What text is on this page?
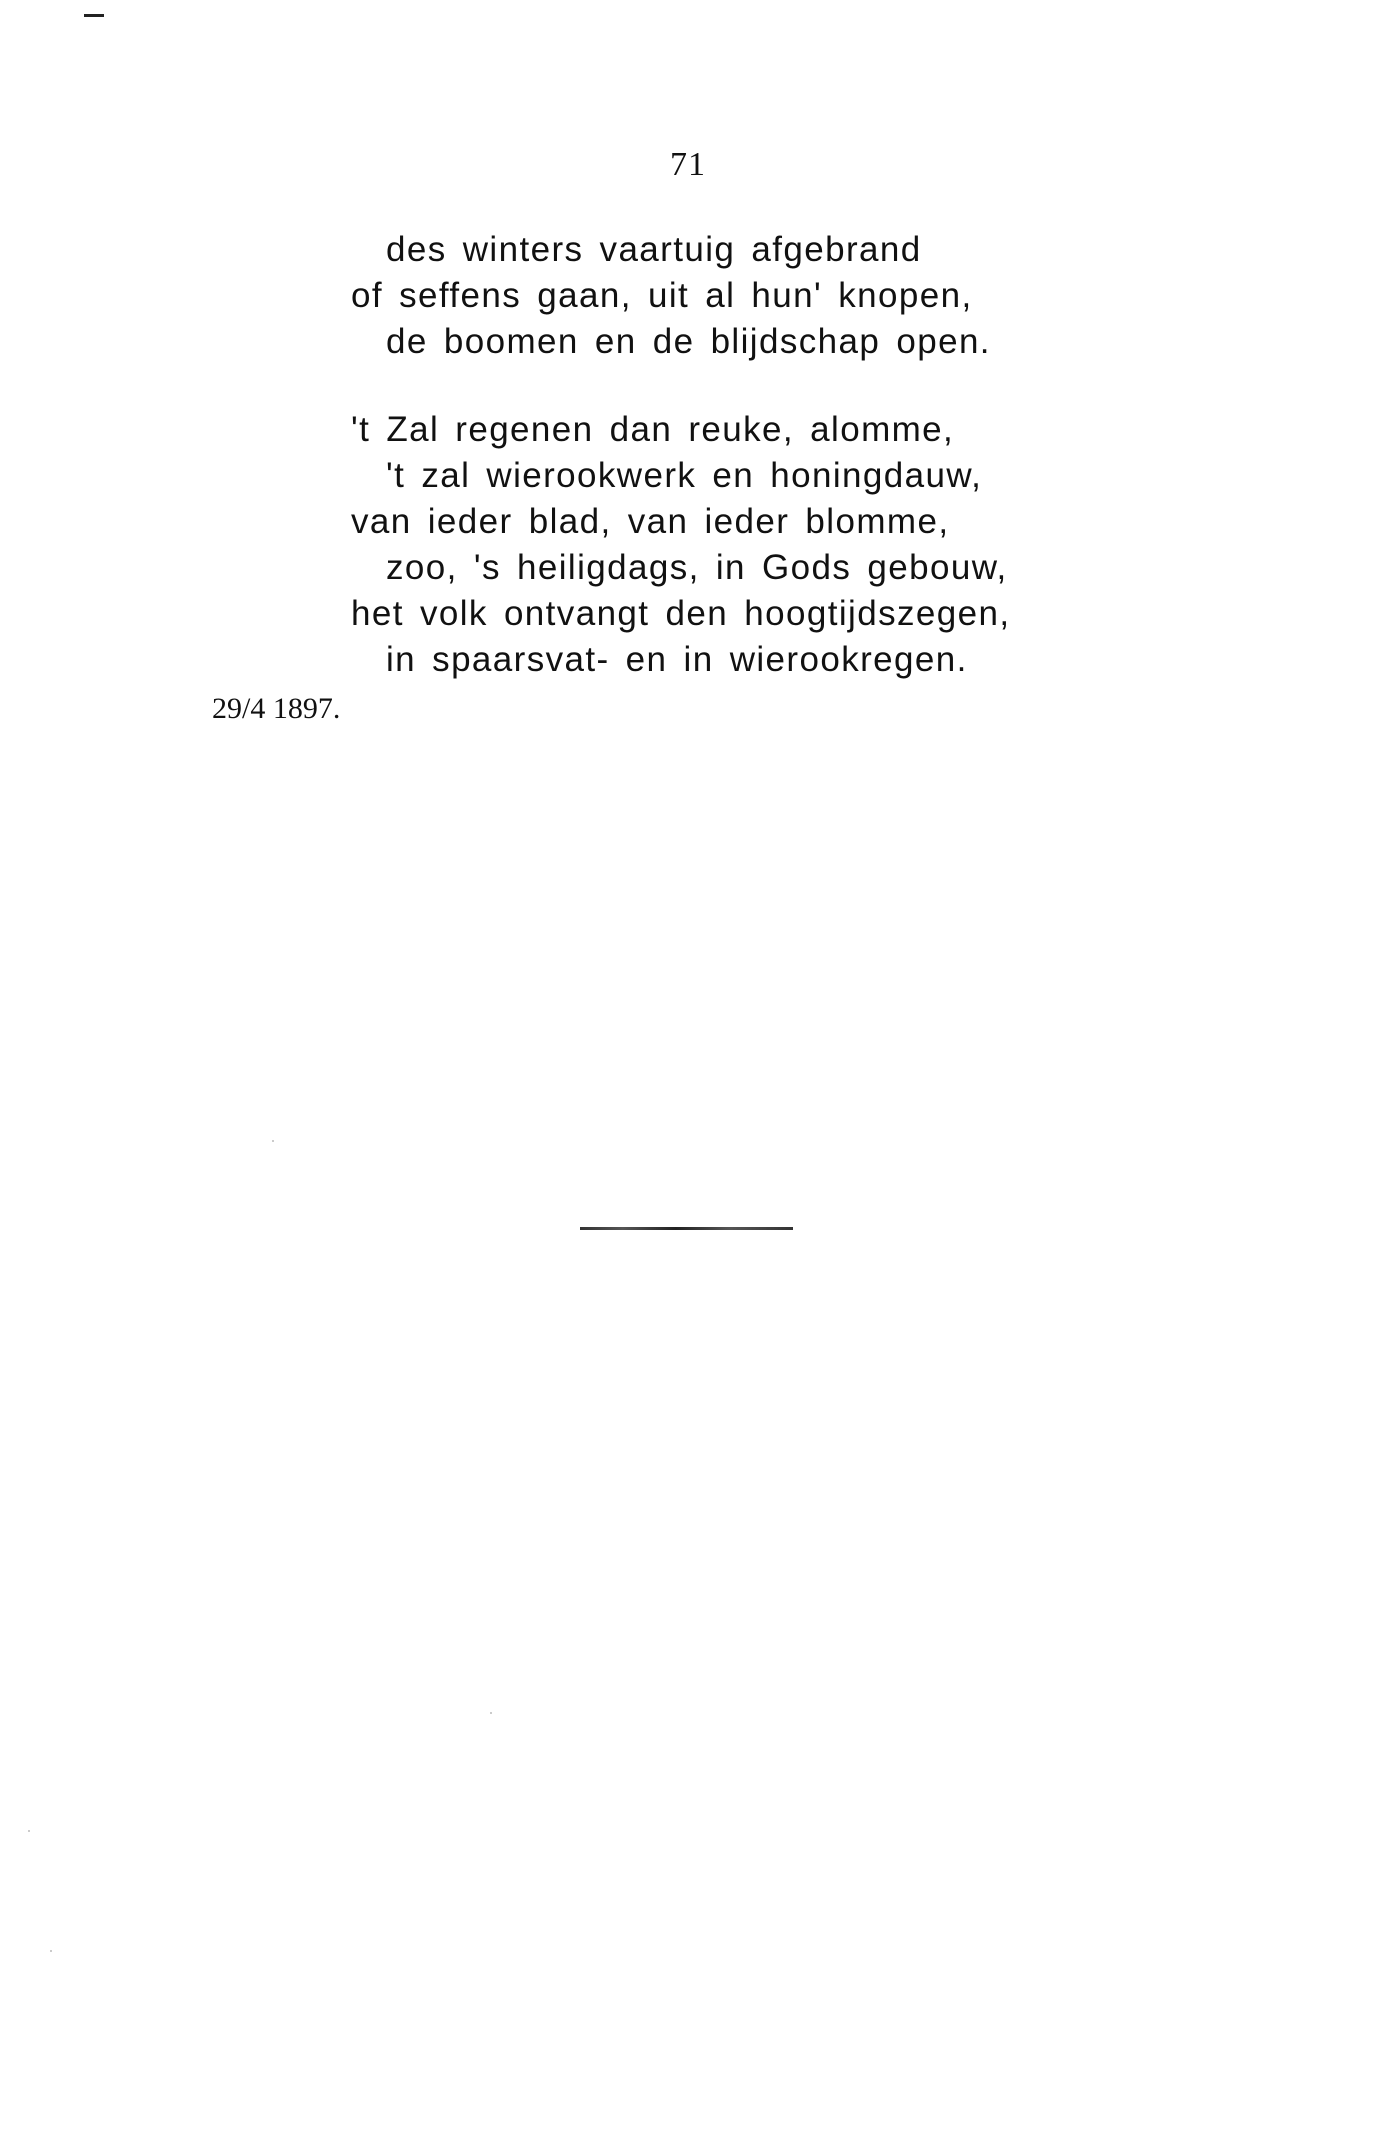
71
des winters vaartuig afgebrand
of seffens gaan, uit al hun' knopen,
de boomen en de blijdschap open.
't Zal regenen dan reuke, alomme,
't zal wierookwerk en honingdauw,
van ieder blad, van ieder blomme,
zoo, 's heiligdags, in Gods gebouw,
het volk ontvangt den hoogtijdszegen,
in spaarsvat- en in wierookregen.
29/4 1897.
